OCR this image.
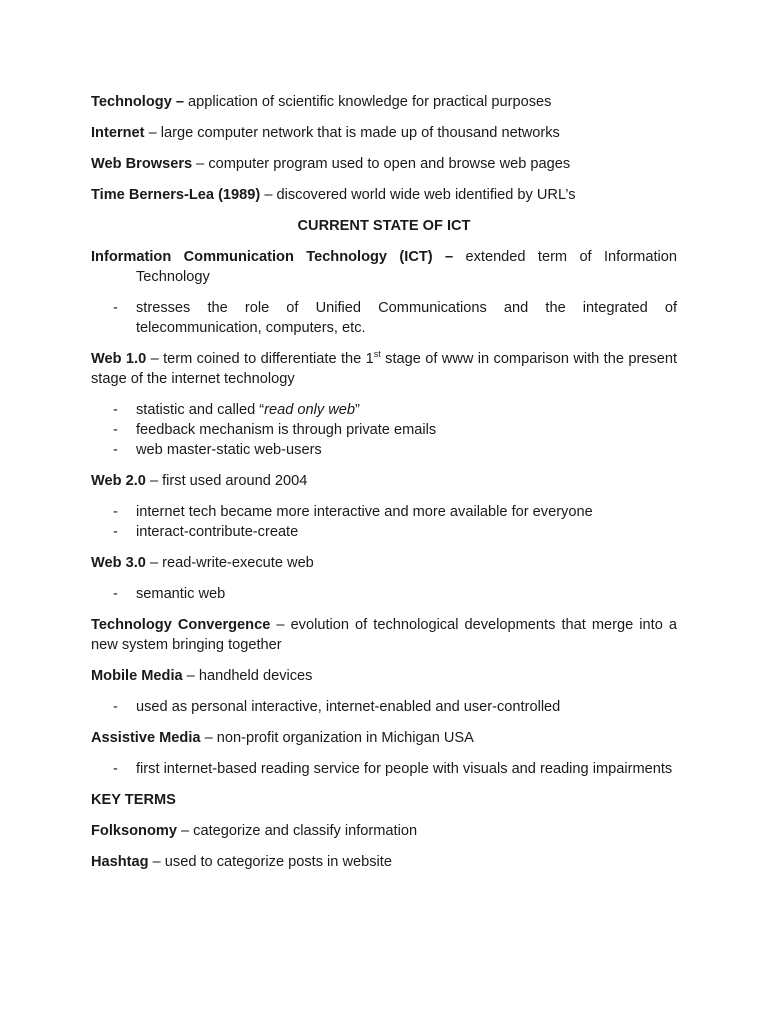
Technology – application of scientific knowledge for practical purposes

Internet – large computer network that is made up of thousand networks

Web Browsers – computer program used to open and browse web pages

Time Berners-Lea (1989) – discovered world wide web identified by URL’s

CURRENT STATE OF ICT

Information Communication Technology (ICT) – extended term of Information Technology

- stresses the role of Unified Communications and the integrated of telecommunication, computers, etc.

Web 1.0 – term coined to differentiate the 1st stage of www in comparison with the present stage of the internet technology

- statistic and called “read only web”
- feedback mechanism is through private emails
- web master-static web-users

Web 2.0 – first used around 2004

- internet tech became more interactive and more available for everyone
- interact-contribute-create

Web 3.0 – read-write-execute web

- semantic web

Technology Convergence – evolution of technological developments that merge into a new system bringing together

Mobile Media – handheld devices

- used as personal interactive, internet-enabled and user-controlled

Assistive Media – non-profit organization in Michigan USA

- first internet-based reading service for people with visuals and reading impairments
KEY TERMS

Folksonomy – categorize and classify information

Hashtag – used to categorize posts in website
